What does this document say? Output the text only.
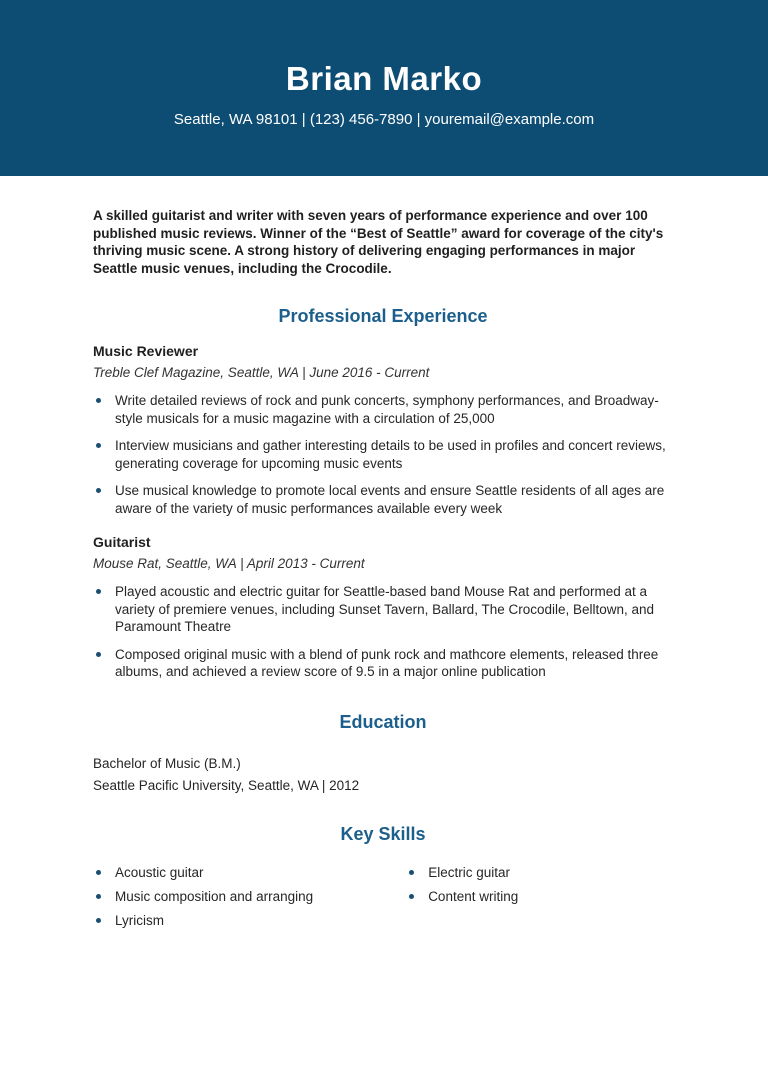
Brian Marko
Seattle, WA 98101 | (123) 456-7890 | youremail@example.com

A skilled guitarist and writer with seven years of performance experience and over 100 published music reviews. Winner of the “Best of Seattle” award for coverage of the city's thriving music scene. A strong history of delivering engaging performances in major Seattle music venues, including the Crocodile.

Professional Experience
Music Reviewer

Treble Clef Magazine, Seattle, WA | June 2016 - Current

Write detailed reviews of rock and punk concerts, symphony performances, and Broadway-style musicals for a music magazine with a circulation of 25,000
Interview musicians and gather interesting details to be used in profiles and concert reviews, generating coverage for upcoming music events
Use musical knowledge to promote local events and ensure Seattle residents of all ages are aware of the variety of music performances available every week
Guitarist

Mouse Rat, Seattle, WA | April 2013 - Current

Played acoustic and electric guitar for Seattle-based band Mouse Rat and performed at a variety of premiere venues, including Sunset Tavern, Ballard, The Crocodile, Belltown, and Paramount Theatre
Composed original music with a blend of punk rock and mathcore elements, released three albums, and achieved a review score of 9.5 in a major online publication
Education

Bachelor of Music (B.M.)

Seattle Pacific University, Seattle, WA | 2012

Key Skills
Acoustic guitar
Music composition and arranging
Lyricism
Electric guitar
Content writing
